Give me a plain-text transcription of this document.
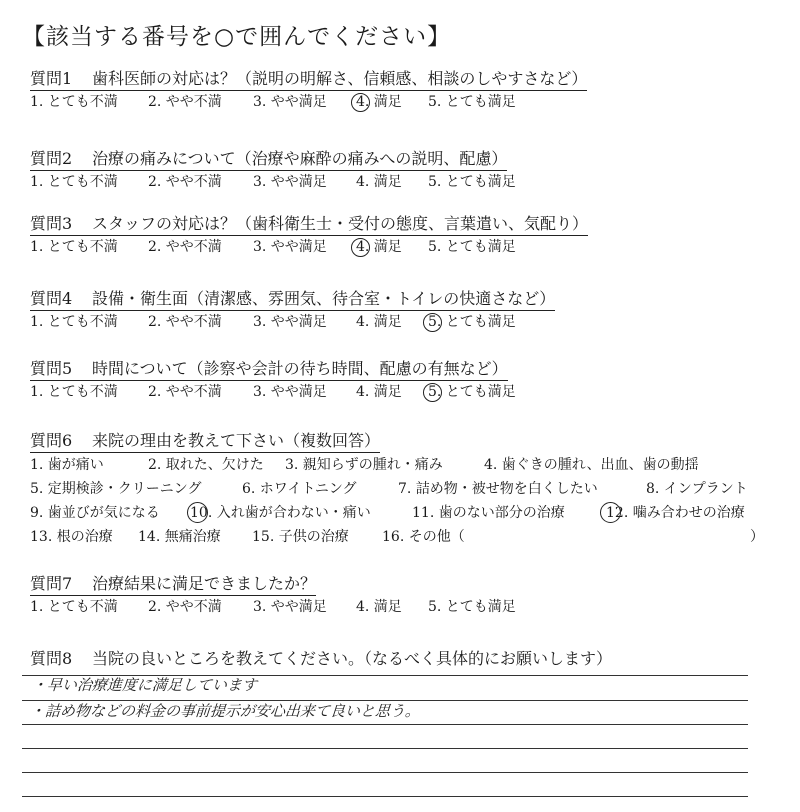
【該当する番号を○で囲んでください】
質問1 歯科医師の対応は？（説明の明解さ、信頼感、相談のしやすさなど）
1. とても不満 2. やや不満 3. やや満足 4. 満足 5. とても満足
質問2 治療の痛みについて（治療や麻酔の痛みへの説明、配慮）
1. とても不満 2. やや不満 3. やや満足 4. 満足 5. とても満足
質問3 スタッフの対応は？（歯科衛生士・受付の態度、言葉遣い、気配り）
1. とても不満 2. やや不満 3. やや満足 4. 満足 5. とても満足
質問4 設備・衛生面（清潔感、雰囲気、待合室・トイレの快適さなど）
1. とても不満 2. やや不満 3. やや満足 4. 満足 5. とても満足
質問5 時間について（診察や会計の待ち時間、配慮の有無など）
1. とても不満 2. やや不満 3. やや満足 4. 満足 5. とても満足
質問6 来院の理由を教えて下さい（複数回答）
1. 歯が痛い	2. 取れた、欠けた 3. 親知らずの腫れ・痛み	4. 歯ぐきの腫れ、出血、歯の動揺
5. 定期検診・クリーニング	6. ホワイトニング	7. 詰め物・被せ物を白くしたい	8. インプラント
9. 歯並びが気になる 10. 入れ歯が合わない・痛い	11. 歯のない部分の治療	12. 噛み合わせの治療
13. 根の治療 14. 無痛治療 15. 子供の治療 16. その他（	）
質問7 治療結果に満足できましたか？
1. とても不満 2. やや不満 3. やや満足 4. 満足 5. とても満足
質問8 当院の良いところを教えてください。（なるべく具体的にお願いします）
・早い治療進度に満足しています
・詰め物などの料金の事前提示が安心出来て良いと思う。
